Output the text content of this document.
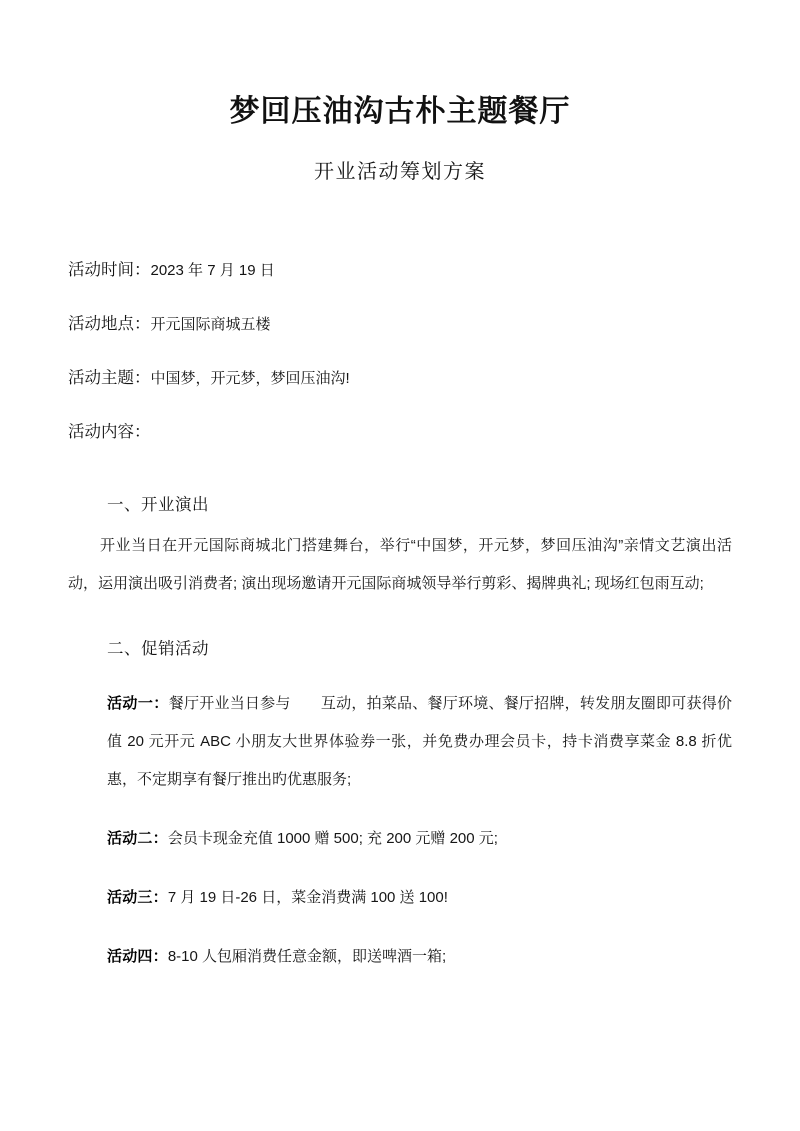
梦回压油沟古朴主题餐厅
开业活动筹划方案
活动时间：2023 年 7 月 19 日
活动地点：开元国际商城五楼
活动主题：中国梦，开元梦，梦回压油沟!
活动内容：
一、开业演出

开业当日在开元国际商城北门搭建舞台，举行“中国梦，开元梦，梦回压油沟”亲情文艺演出活动，运用演出吸引消费者; 演出现场邀请开元国际商城领导举行剪彩、揭牌典礼; 现场红包雨互动;

二、促销活动
活动一：餐厅开业当日参与 互动，拍菜品、餐厅环境、餐厅招牌，转发朋友圈即可获得价值 20 元开元 ABC 小朋友大世界体验券一张，并免费办理会员卡，持卡消费享菜金 8.8 折优惠，不定期享有餐厅推出旳优惠服务;
活动二：会员卡现金充值 1000 赠 500; 充 200 元赠 200 元;
活动三：7 月 19 日-26 日，菜金消费满 100 送 100!
活动四：8-10 人包厢消费任意金额，即送啤酒一箱;
